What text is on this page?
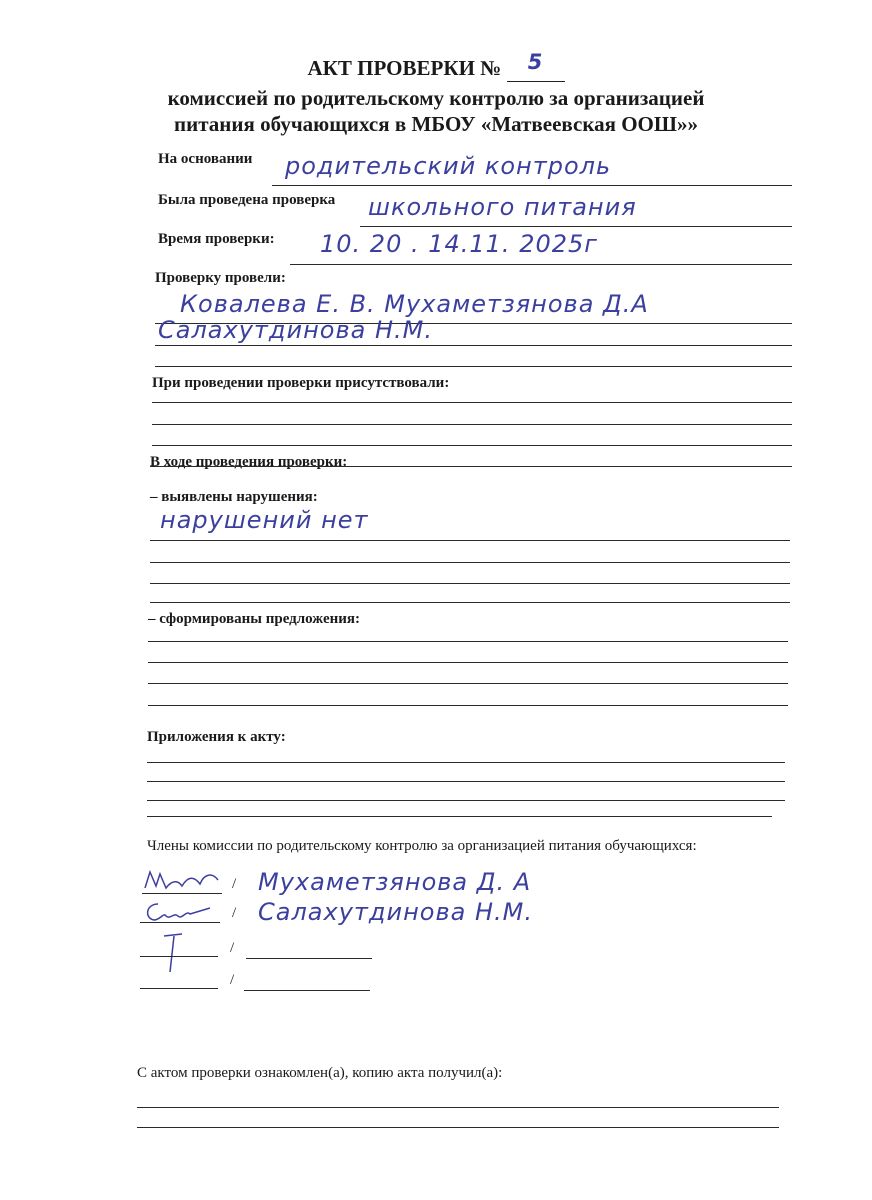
АКТ ПРОВЕРКИ № 5
комиссией по родительскому контролю за организацией
питания обучающихся в МБОУ «Матвеевская ООШ»»
На основании родительский контроль
Была проведена проверка школьного питания
Время проверки: 10. 20 . 14.11. 2025г
Проверку провели:
Ковалева Е. В. Мухаметзянова Д.А
Салахутдинова Н.М.
При проведении проверки присутствовали:
В ходе проведения проверки:
– выявлены нарушения:
нарушений нет
– сформированы предложения:
Приложения к акту:
Члены комиссии по родительскому контролю за организацией питания обучающихся:
/ Мухаметзянова Д. А
/ Салахутдинова Н.М.
/
/
С актом проверки ознакомлен(а), копию акта получил(а):
